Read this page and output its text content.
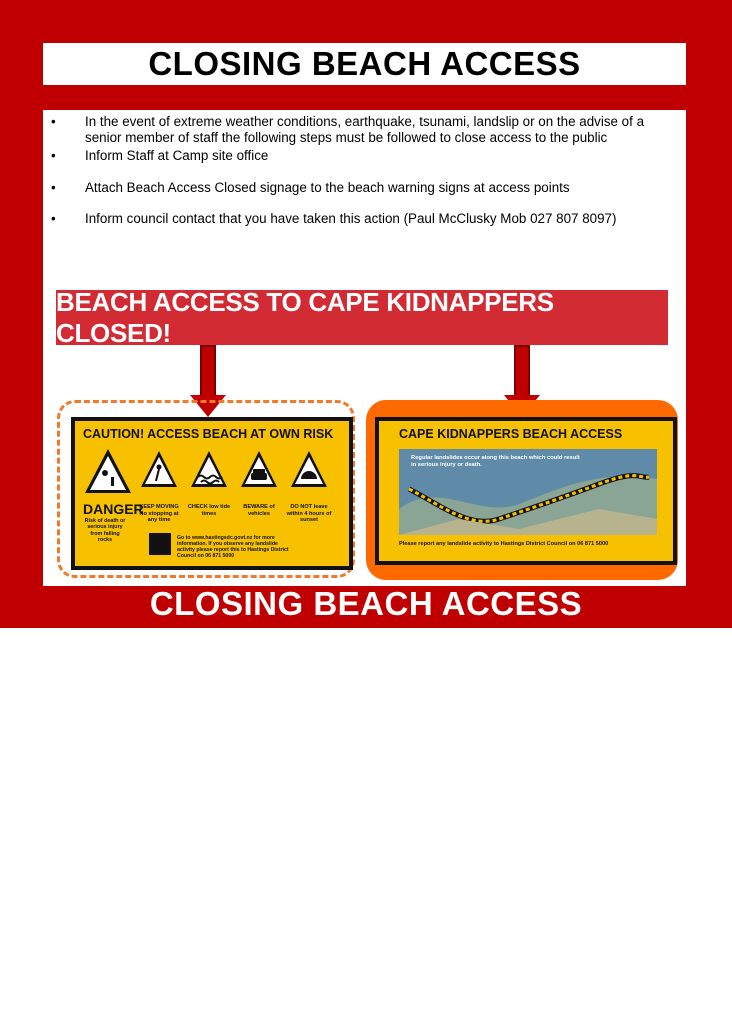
CLOSING BEACH ACCESS
• In the event of extreme weather conditions, earthquake, tsunami, landslip or on the advise of a senior member of staff the following steps must be followed to close access to the public
• Inform Staff at Camp site office
• Attach Beach Access Closed signage to the beach warning signs at access points
• Inform council contact that you have taken this action (Paul McClusky Mob 027 807 8097)
BEACH ACCESS TO CAPE KIDNAPPERS CLOSED!
CAUTION! ACCESS BEACH AT OWN RISK
DANGER
Risk of death or serious injury from falling rocks
KEEP MOVING No stopping at any time
CHECK low tide times
BEWARE of vehicles
DO NOT leave within 4 hours of sunset
Go to www.hastingsdc.govt.nz for more information. If you observe any landslide activity please report this to Hastings District Council on 06 871 5000
CAPE KIDNAPPERS BEACH ACCESS
Regular landslides occur along this beach which could result in serious injury or death.
Please report any landslide activity to Hastings District Council on 06 871 5000
CLOSING BEACH ACCESS
